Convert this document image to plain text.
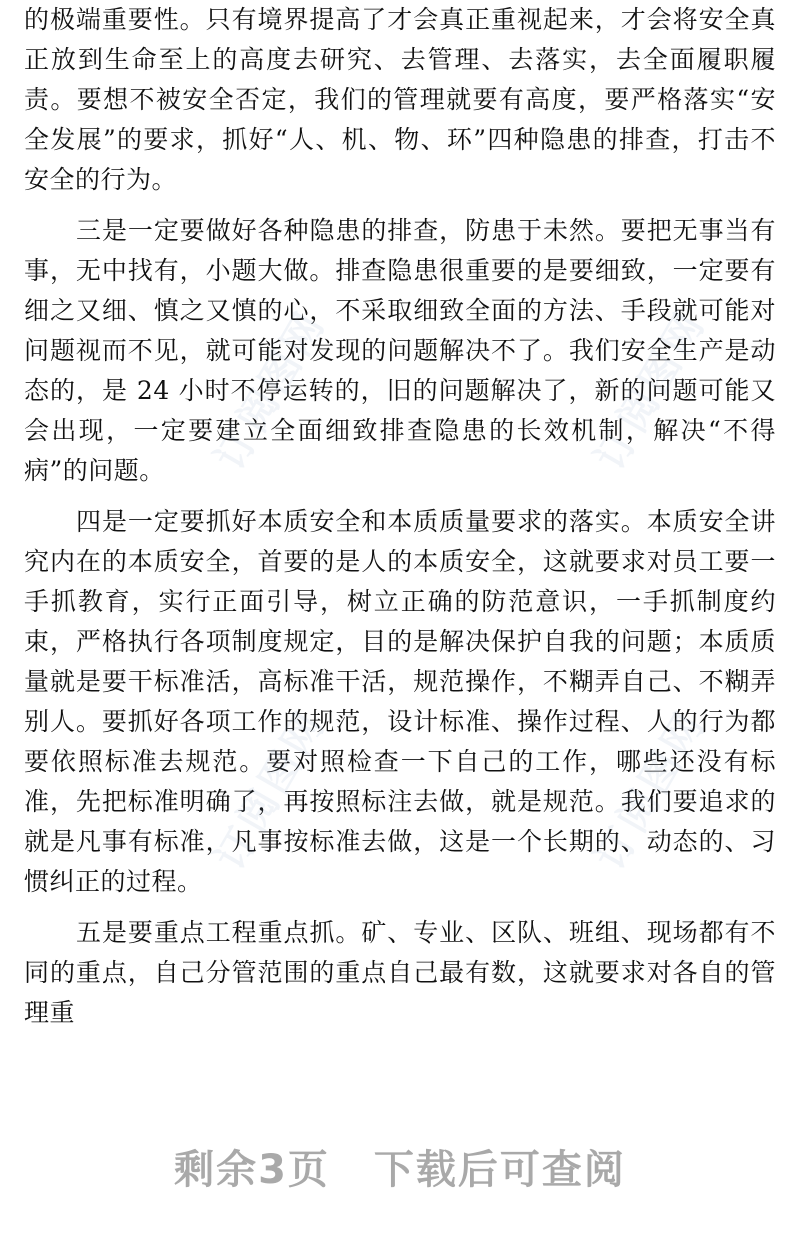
的极端重要性。只有境界提高了才会真正重视起来，才会将安全真正放到生命至上的高度去研究、去管理、去落实，去全面履职履责。要想不被安全否定，我们的管理就要有高度，要严格落实“安全发展”的要求，抓好“人、机、物、环”四种隐患的排查，打击不安全的行为。

三是一定要做好各种隐患的排查，防患于未然。要把无事当有事，无中找有，小题大做。排查隐患很重要的是要细致，一定要有细之又细、慎之又慎的心，不采取细致全面的方法、手段就可能对问题视而不见，就可能对发现的问题解决不了。我们安全生产是动态的，是 24 小时不停运转的，旧的问题解决了，新的问题可能又会出现，一定要建立全面细致排查隐患的长效机制，解决“不得病”的问题。

四是一定要抓好本质安全和本质质量要求的落实。本质安全讲究内在的本质安全，首要的是人的本质安全，这就要求对员工要一手抓教育，实行正面引导，树立正确的防范意识，一手抓制度约束，严格执行各项制度规定，目的是解决保护自我的问题；本质质量就是要干标准活，高标准干活，规范操作，不糊弄自己、不糊弄别人。要抓好各项工作的规范，设计标准、操作过程、人的行为都要依照标准去规范。要对照检查一下自己的工作，哪些还没有标准，先把标准明确了，再按照标注去做，就是规范。我们要追求的就是凡事有标准，凡事按标准去做，这是一个长期的、动态的、习惯纠正的过程。

五是要重点工程重点抓。矿、专业、区队、班组、现场都有不同的重点，自己分管范围的重点自己最有数，这就要求对各自的管理重

订阅图网	订阅图网
订阅图网	订阅图网
剩余3页 下载后可查阅
